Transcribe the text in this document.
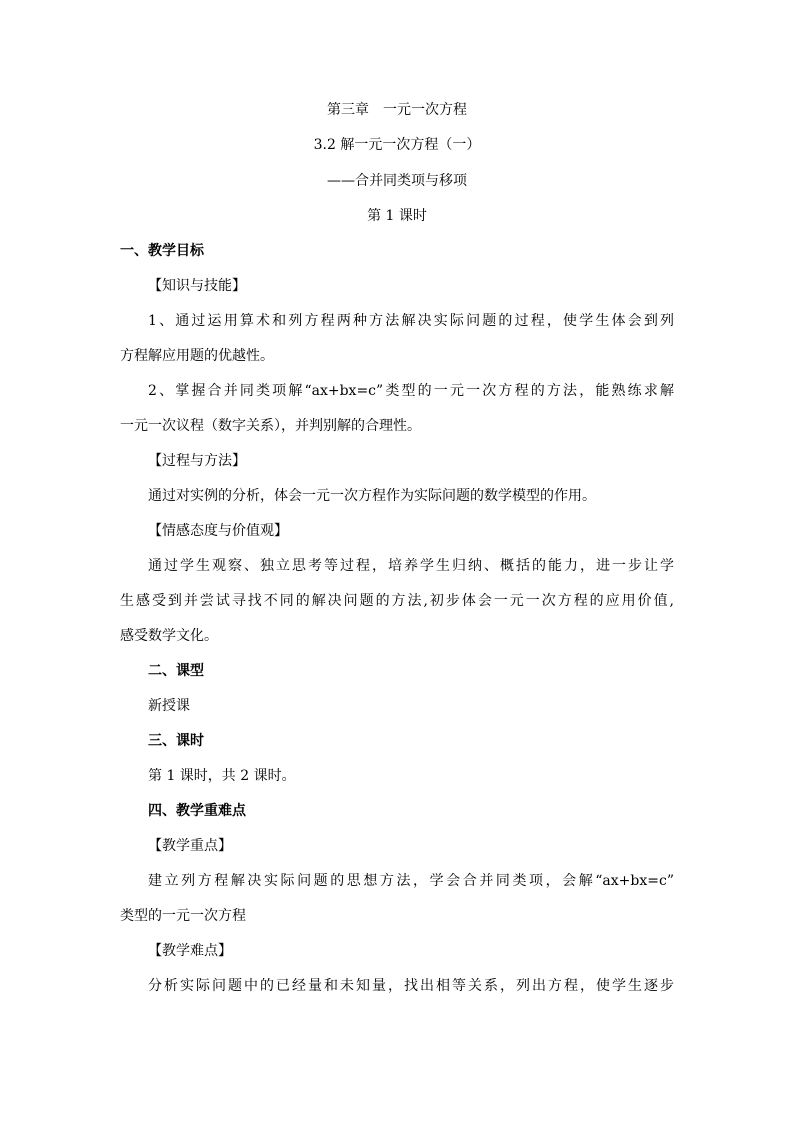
第三章　一元一次方程
3.2 解一元一次方程（一）
——合并同类项与移项
第 1 课时
一、教学目标
【知识与技能】
1、通过运用算术和列方程两种方法解决实际问题的过程，使学生体会到列
方程解应用题的优越性。
2、掌握合并同类项解“ax+bx=c”类型的一元一次方程的方法，能熟练求解
一元一次议程（数字关系），并判别解的合理性。
【过程与方法】
通过对实例的分析，体会一元一次方程作为实际问题的数学模型的作用。
【情感态度与价值观】
通过学生观察、独立思考等过程，培养学生归纳、概括的能力，进一步让学
生感受到并尝试寻找不同的解决问题的方法,初步体会一元一次方程的应用价值,
感受数学文化。
二、课型
新授课
三、课时
第 1 课时，共 2 课时。
四、教学重难点
【教学重点】
建立列方程解决实际问题的思想方法，学会合并同类项，会解“ax+bx=c”
类型的一元一次方程
【教学难点】
分析实际问题中的已经量和未知量，找出相等关系，列出方程，使学生逐步
